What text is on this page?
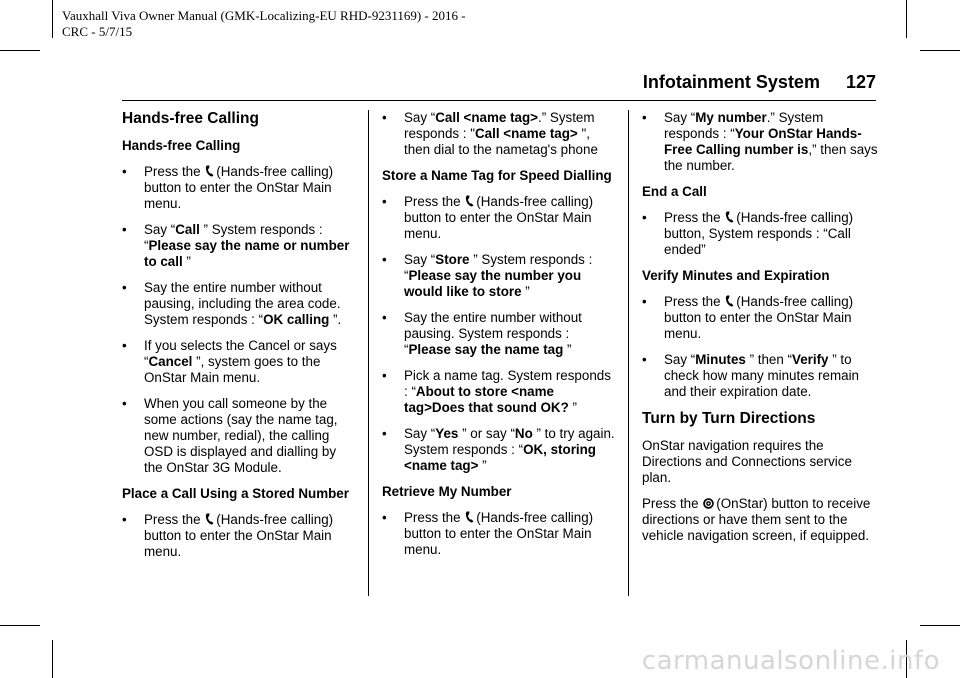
Vauxhall Viva Owner Manual (GMK-Localizing-EU RHD-9231169) - 2016 -
CRC - 5/7/15
Infotainment System 127
Hands-free Calling
Hands-free Calling
• Press the (Hands-free calling) button to enter the OnStar Main menu.
• Say “Call ” System responds : “Please say the name or number to call ”
• Say the entire number without pausing, including the area code. System responds : “OK calling ”.
• If you selects the Cancel or says “Cancel ”, system goes to the OnStar Main menu.
• When you call someone by the some actions (say the name tag, new number, redial), the calling OSD is displayed and dialling by the OnStar 3G Module.
Place a Call Using a Stored Number
• Press the (Hands-free calling) button to enter the OnStar Main menu.
• Say “Call <name tag>.” System responds : "Call <name tag> ", then dial to the nametag's phone
Store a Name Tag for Speed Dialling
• Press the (Hands-free calling) button to enter the OnStar Main menu.
• Say “Store ” System responds : “Please say the number you would like to store ”
• Say the entire number without pausing. System responds : “Please say the name tag ”
• Pick a name tag. System responds : “About to store <name tag>Does that sound OK? ”
• Say “Yes ” or say “No ” to try again. System responds : “OK, storing <name tag> ”
Retrieve My Number
• Press the (Hands-free calling) button to enter the OnStar Main menu.
• Say “My number.” System responds : “Your OnStar Hands-Free Calling number is,” then says the number.
End a Call
• Press the (Hands-free calling) button, System responds : “Call ended”
Verify Minutes and Expiration
• Press the (Hands-free calling) button to enter the OnStar Main menu.
• Say “Minutes ” then “Verify ” to check how many minutes remain and their expiration date.
Turn by Turn Directions

OnStar navigation requires the Directions and Connections service plan.

Press the (OnStar) button to receive directions or have them sent to the vehicle navigation screen, if equipped.

carmanualsonline.info
